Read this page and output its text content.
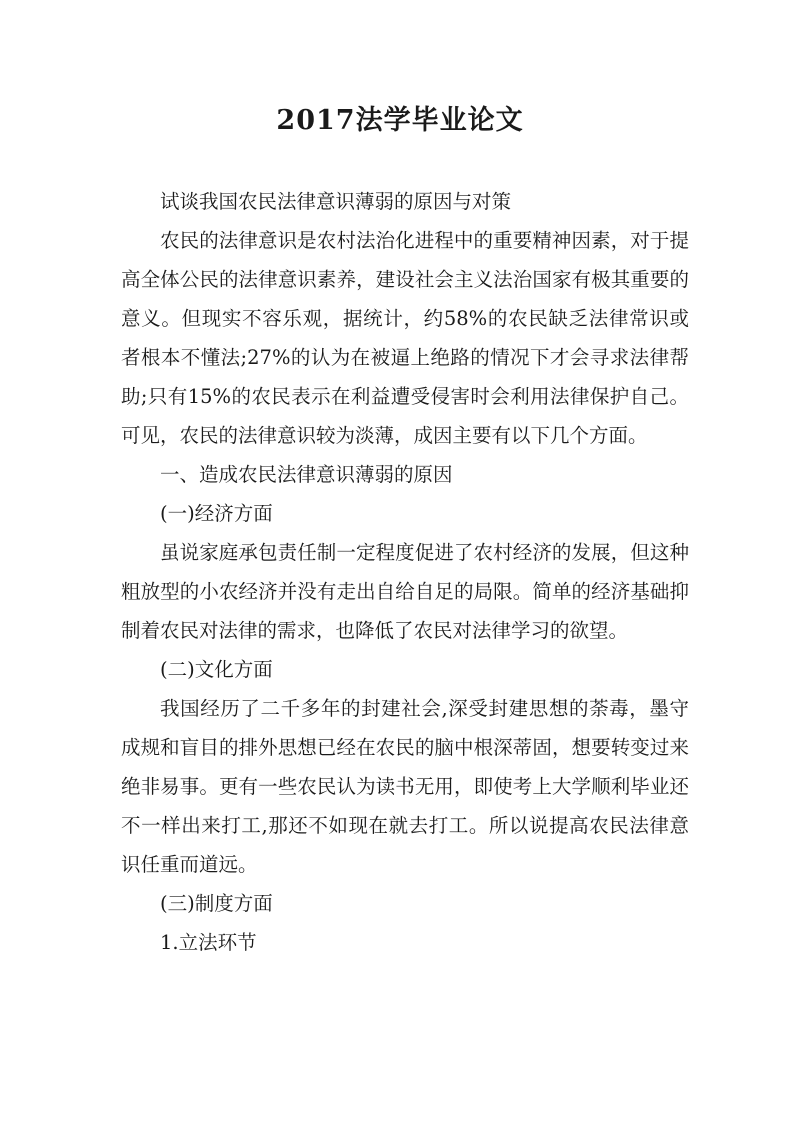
2017法学毕业论文

试谈我国农民法律意识薄弱的原因与对策

农民的法律意识是农村法治化进程中的重要精神因素，对于提高全体公民的法律意识素养，建设社会主义法治国家有极其重要的意义。但现实不容乐观，据统计，约58%的农民缺乏法律常识或者根本不懂法;27%的认为在被逼上绝路的情况下才会寻求法律帮助;只有15%的农民表示在利益遭受侵害时会利用法律保护自己。可见，农民的法律意识较为淡薄，成因主要有以下几个方面。

一、造成农民法律意识薄弱的原因

(一)经济方面

虽说家庭承包责任制一定程度促进了农村经济的发展，但这种粗放型的小农经济并没有走出自给自足的局限。简单的经济基础抑制着农民对法律的需求，也降低了农民对法律学习的欲望。

(二)文化方面

我国经历了二千多年的封建社会,深受封建思想的荼毒，墨守成规和盲目的排外思想已经在农民的脑中根深蒂固，想要转变过来绝非易事。更有一些农民认为读书无用，即使考上大学顺利毕业还不一样出来打工,那还不如现在就去打工。所以说提高农民法律意识任重而道远。

(三)制度方面

1.立法环节
